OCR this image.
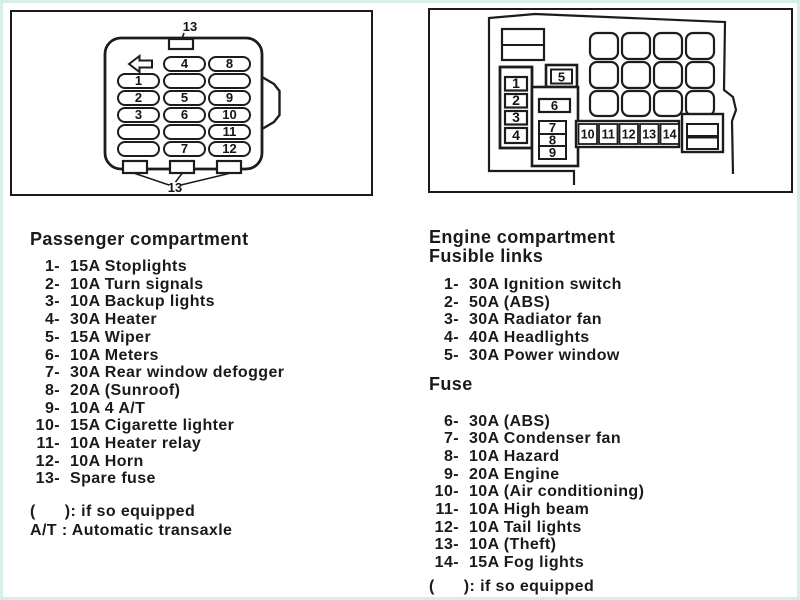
13
4	8
1
2	5	9
3	6	10
11
7	12
13
1
2
3
4
5
6
7
8
9
10 11 12 13 14
Passenger compartment
1- 15A Stoplights
2- 10A Turn signals
3- 10A Backup lights
4- 30A Heater
5- 15A Wiper
6- 10A Meters
7- 30A Rear window defogger
8- 20A (Sunroof)
9- 10A 4 A/T
10- 15A Cigarette lighter
11- 10A Heater relay
12- 10A Horn
13- Spare fuse
(      ): if so equipped
A/T : Automatic transaxle
Engine compartment
Fusible links
1- 30A Ignition switch
2- 50A (ABS)
3- 30A Radiator fan
4- 40A Headlights
5- 30A Power window
Fuse
6- 30A (ABS)
7- 30A Condenser fan
8- 10A Hazard
9- 20A Engine
10- 10A (Air conditioning)
11- 10A High beam
12- 10A Tail lights
13- 10A (Theft)
14- 15A Fog lights
(      ): if so equipped
